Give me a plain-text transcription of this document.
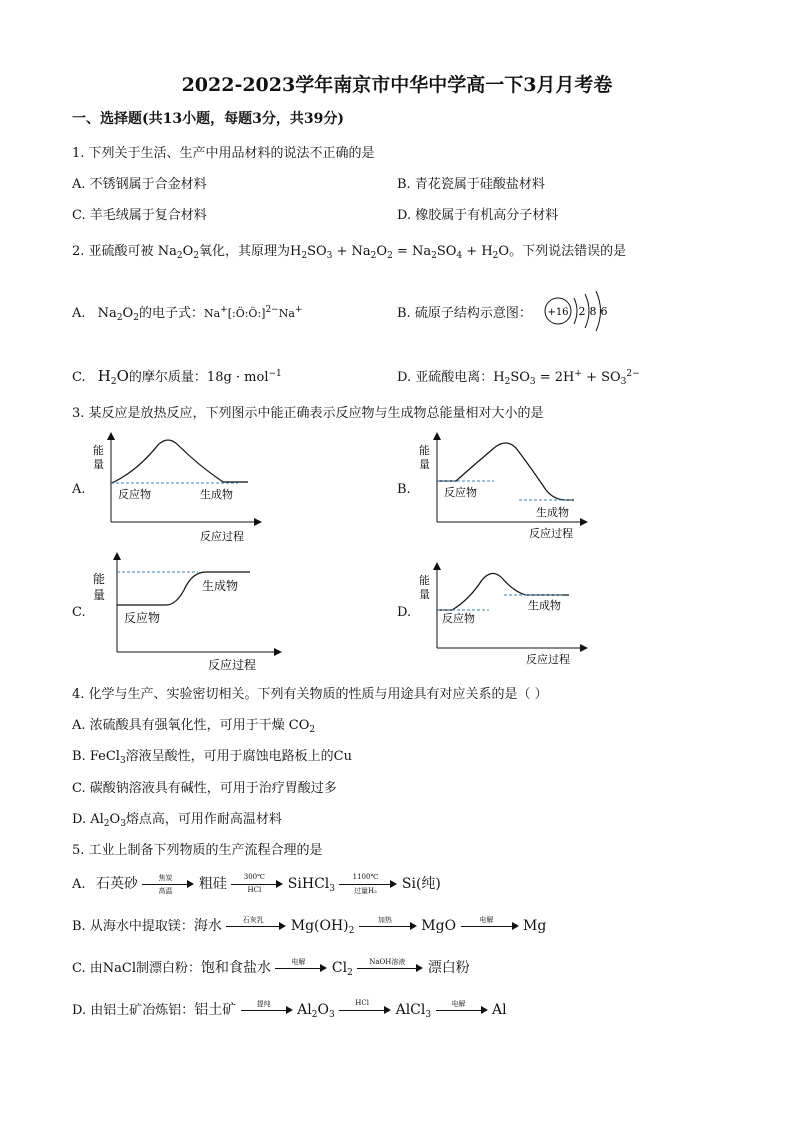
2022-2023学年南京市中华中学高一下3月月考卷
一、选择题(共13小题，每题3分，共39分)
1. 下列关于生活、生产中用品材料的说法不正确的是
A. 不锈钢属于合金材料	B. 青花瓷属于硅酸盐材料
C. 羊毛绒属于复合材料	D. 橡胶属于有机高分子材料
2. 亚硫酸可被 $Na_2O_2$氧化，其原理为$H_2SO_3 + Na_2O_2 = Na_2SO_4 + H_2O$。下列说法错误的是
A. $Na_2O_2$的电子式：Na+[:Ö:Ö:]$^{2-}$Na+	B. 硫原子结构示意图： +16 2 8 6
C. $H_2O$的摩尔质量：18g · mol$^{-1}$	D. 亚硫酸电离：$H_2SO_3 = 2H^+ + SO_3^{2-}$
3. 某反应是放热反应，下列图示中能正确表示反应物与生成物总能量相对大小的是
A.
能
量
反应物	生成物
反应过程
B.
能
量
反应物
生成物
反应过程
C.
能
量
生成物
反应物
反应过程
D.
能
量
反应物
生成物
反应过程
4. 化学与生产、实验密切相关。下列有关物质的性质与用途具有对应关系的是（ ）
A. 浓硫酸具有强氧化性，可用于干燥 $CO_2$
B. FeCl$_3$溶液呈酸性，可用于腐蚀电路板上的Cu
C. 碳酸钠溶液具有碱性，可用于治疗胃酸过多
D. $Al_2O_3$熔点高，可用作耐高温材料
5. 工业上制备下列物质的生产流程合理的是
A. 石英砂	焦炭
高温	粗硅	300℃
HCl	SiHCl$_3$
1100℃
过量H₂	Si(纯)
B. 从海水中提取镁：海水	石灰乳	$Mg(OH)_2$
加热	MgO	电解	Mg
C. 由NaCl制漂白粉：饱和食盐水	电解	$Cl_2$
NaOH溶液	漂白粉
D. 由铝土矿冶炼铝：铝土矿	提纯	$Al_2O_3$
HCl	AlCl$_3$
电解	Al
